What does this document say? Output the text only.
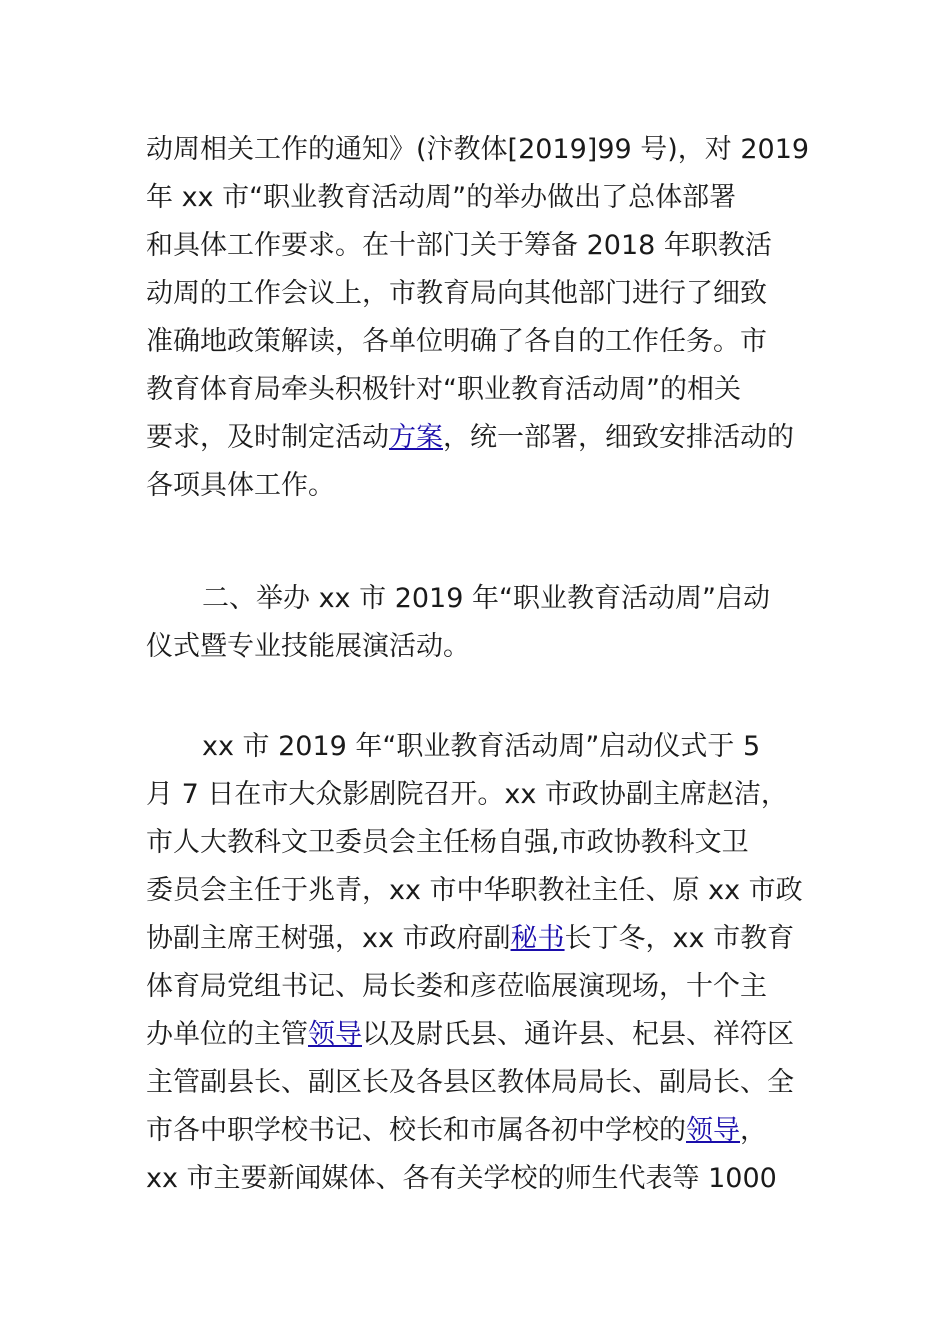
动周相关工作的通知》(汴教体[2019]99 号)，对 2019
年 xx 市“职业教育活动周”的举办做出了总体部署
和具体工作要求。在十部门关于筹备 2018 年职教活
动周的工作会议上，市教育局向其他部门进行了细致
准确地政策解读，各单位明确了各自的工作任务。市
教育体育局牵头积极针对“职业教育活动周”的相关
要求，及时制定活动方案，统一部署，细致安排活动的
各项具体工作。

二、举办 xx 市 2019 年“职业教育活动周”启动
仪式暨专业技能展演活动。

xx 市 2019 年“职业教育活动周”启动仪式于 5
月 7 日在市大众影剧院召开。xx 市政协副主席赵洁，
市人大教科文卫委员会主任杨自强,市政协教科文卫
委员会主任于兆青，xx 市中华职教社主任、原 xx 市政
协副主席王树强，xx 市政府副秘书长丁冬，xx 市教育
体育局党组书记、局长娄和彦莅临展演现场，十个主
办单位的主管领导以及尉氏县、通许县、杞县、祥符区
主管副县长、副区长及各县区教体局局长、副局长、全
市各中职学校书记、校长和市属各初中学校的领导，
xx 市主要新闻媒体、各有关学校的师生代表等 1000
